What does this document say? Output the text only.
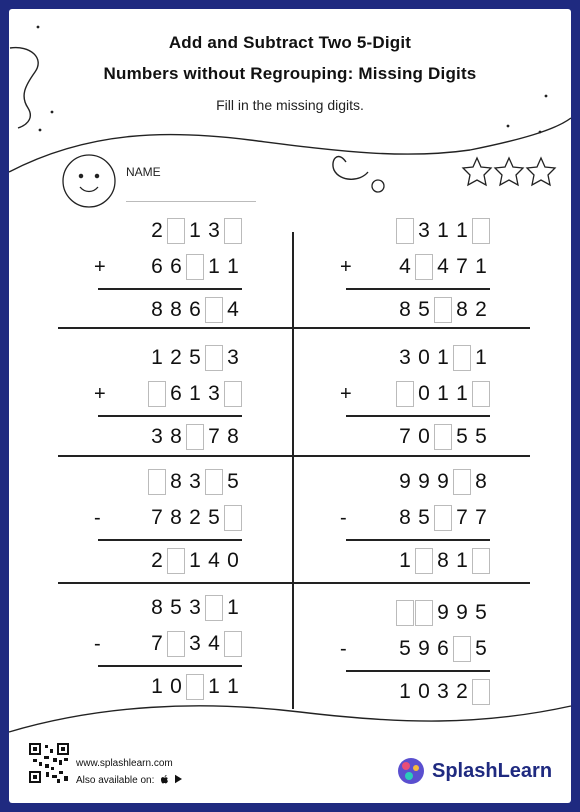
Add and Subtract Two 5-Digit
Numbers without Regrouping: Missing Digits
Fill in the missing digits.
NAME
+
2 1 3
6 6 1 1
8 8 6 4
+
3 1 1
4 4 7 1
8 5 8 2
+
1 2 5 3
6 1 3
3 8 7 8
+
3 0 1 1
0 1 1
7 0 5 5
-
8 3 5
7 8 2 5
2 1 4 0
-
9 9 9 8
8 5 7 7
1 8 1
-
8 5 3 1
7 3 4
1 0 1 1
-
9 9 5
5 9 6 5
1 0 3 2
www.splashlearn.com
Also available on:	SplashLearn
